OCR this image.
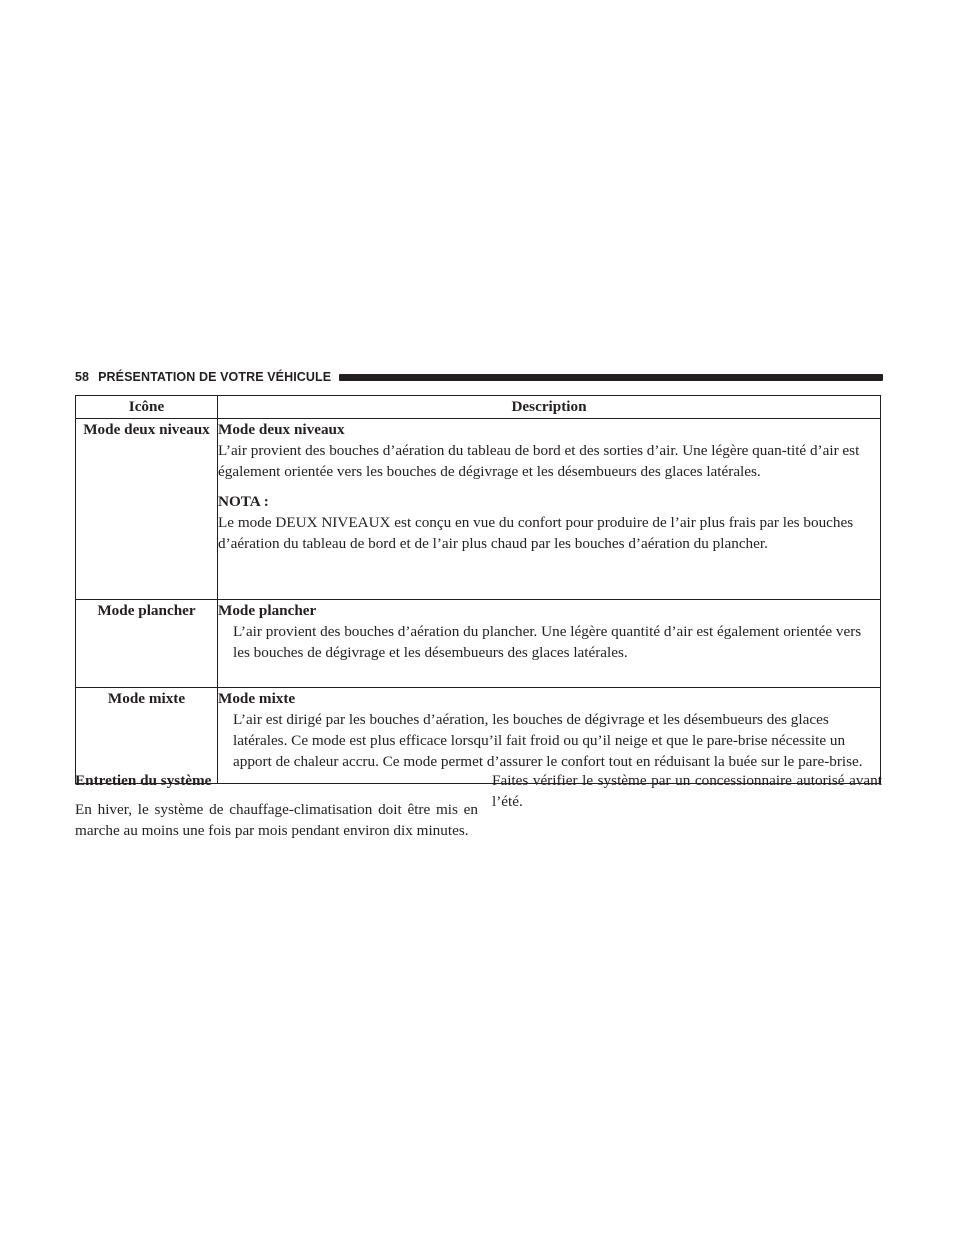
58 PRÉSENTATION DE VOTRE VÉHICULE
Icône	Description
Mode deux niveaux	Mode deux niveaux
L’air provient des bouches d’aération du tableau de bord et des sorties d’air. Une légère quan-tité d’air est également orientée vers les bouches de dégivrage et les désembueurs des glaces latérales.
NOTA :
Le mode DEUX NIVEAUX est conçu en vue du confort pour produire de l’air plus frais par les bouches d’aération du tableau de bord et de l’air plus chaud par les bouches d’aération du plancher.

Mode plancher	Mode plancher
L’air provient des bouches d’aération du plancher. Une légère quantité d’air est également orientée vers les bouches de dégivrage et les désembueurs des glaces latérales.

Mode mixte	Mode mixte
L’air est dirigé par les bouches d’aération, les bouches de dégivrage et les désembueurs des glaces latérales. Ce mode est plus efficace lorsqu’il fait froid ou qu’il neige et que le pare-brise nécessite un apport de chaleur accru. Ce mode permet d’assurer le confort tout en réduisant la buée sur le pare-brise.

Entretien du système

En hiver, le système de chauffage-climatisation doit être mis en marche au moins une fois par mois pendant environ dix minutes.

Faites vérifier le système par un concessionnaire autorisé avant l’été.
